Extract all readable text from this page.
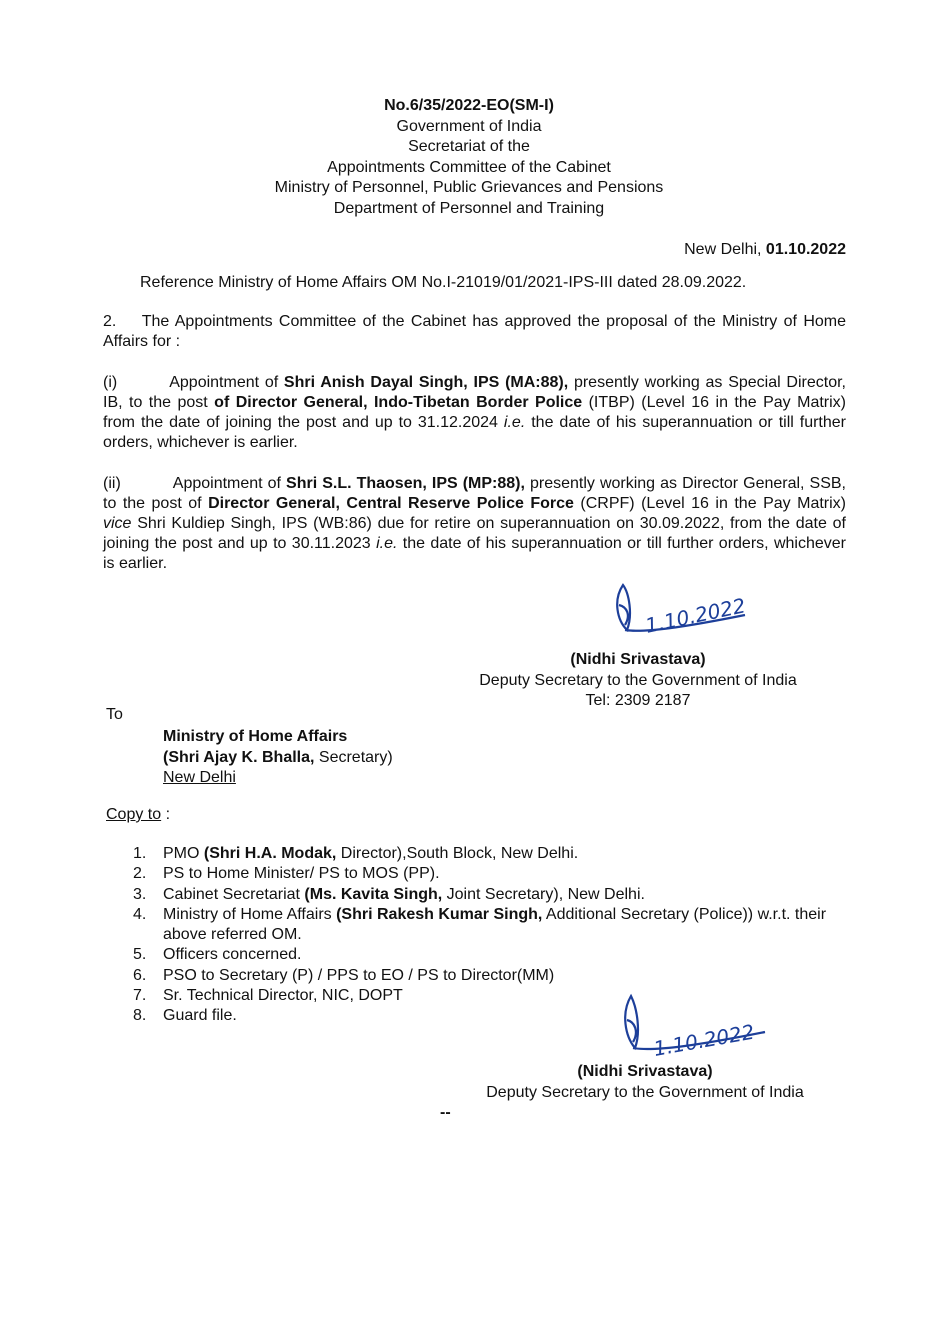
No.6/35/2022-EO(SM-I)
Government of India
Secretariat of the
Appointments Committee of the Cabinet
Ministry of Personnel, Public Grievances and Pensions
Department of Personnel and Training
New Delhi, 01.10.2022
Reference Ministry of Home Affairs OM No.I-21019/01/2021-IPS-III dated 28.09.2022.
2. The Appointments Committee of the Cabinet has approved the proposal of the Ministry of Home Affairs for :
(i)	Appointment of Shri Anish Dayal Singh, IPS (MA:88), presently working as Special Director, IB, to the post of Director General, Indo-Tibetan Border Police (ITBP) (Level 16 in the Pay Matrix) from the date of joining the post and up to 31.12.2024 i.e. the date of his superannuation or till further orders, whichever is earlier.
(ii)	Appointment of Shri S.L. Thaosen, IPS (MP:88), presently working as Director General, SSB, to the post of Director General, Central Reserve Police Force (CRPF) (Level 16 in the Pay Matrix) vice Shri Kuldiep Singh, IPS (WB:86) due for retire on superannuation on 30.09.2022, from the date of joining the post and up to 30.11.2023 i.e. the date of his superannuation or till further orders, whichever is earlier.
1.10.2022
(Nidhi Srivastava)
Deputy Secretary to the Government of India
Tel: 2309 2187
To
Ministry of Home Affairs
(Shri Ajay K. Bhalla, Secretary)
New Delhi
Copy to :
1.	PMO (Shri H.A. Modak, Director),South Block, New Delhi.
2.	PS to Home Minister/ PS to MOS (PP).
3.	Cabinet Secretariat (Ms. Kavita Singh, Joint Secretary), New Delhi.
4.	Ministry of Home Affairs (Shri Rakesh Kumar Singh, Additional Secretary (Police)) w.r.t. their above referred OM.
5.	Officers concerned.
6.	PSO to Secretary (P) / PPS to EO / PS to Director(MM)
7.	Sr. Technical Director, NIC, DOPT
8.	Guard file.
1.10.2022
(Nidhi Srivastava)
Deputy Secretary to the Government of India
--
